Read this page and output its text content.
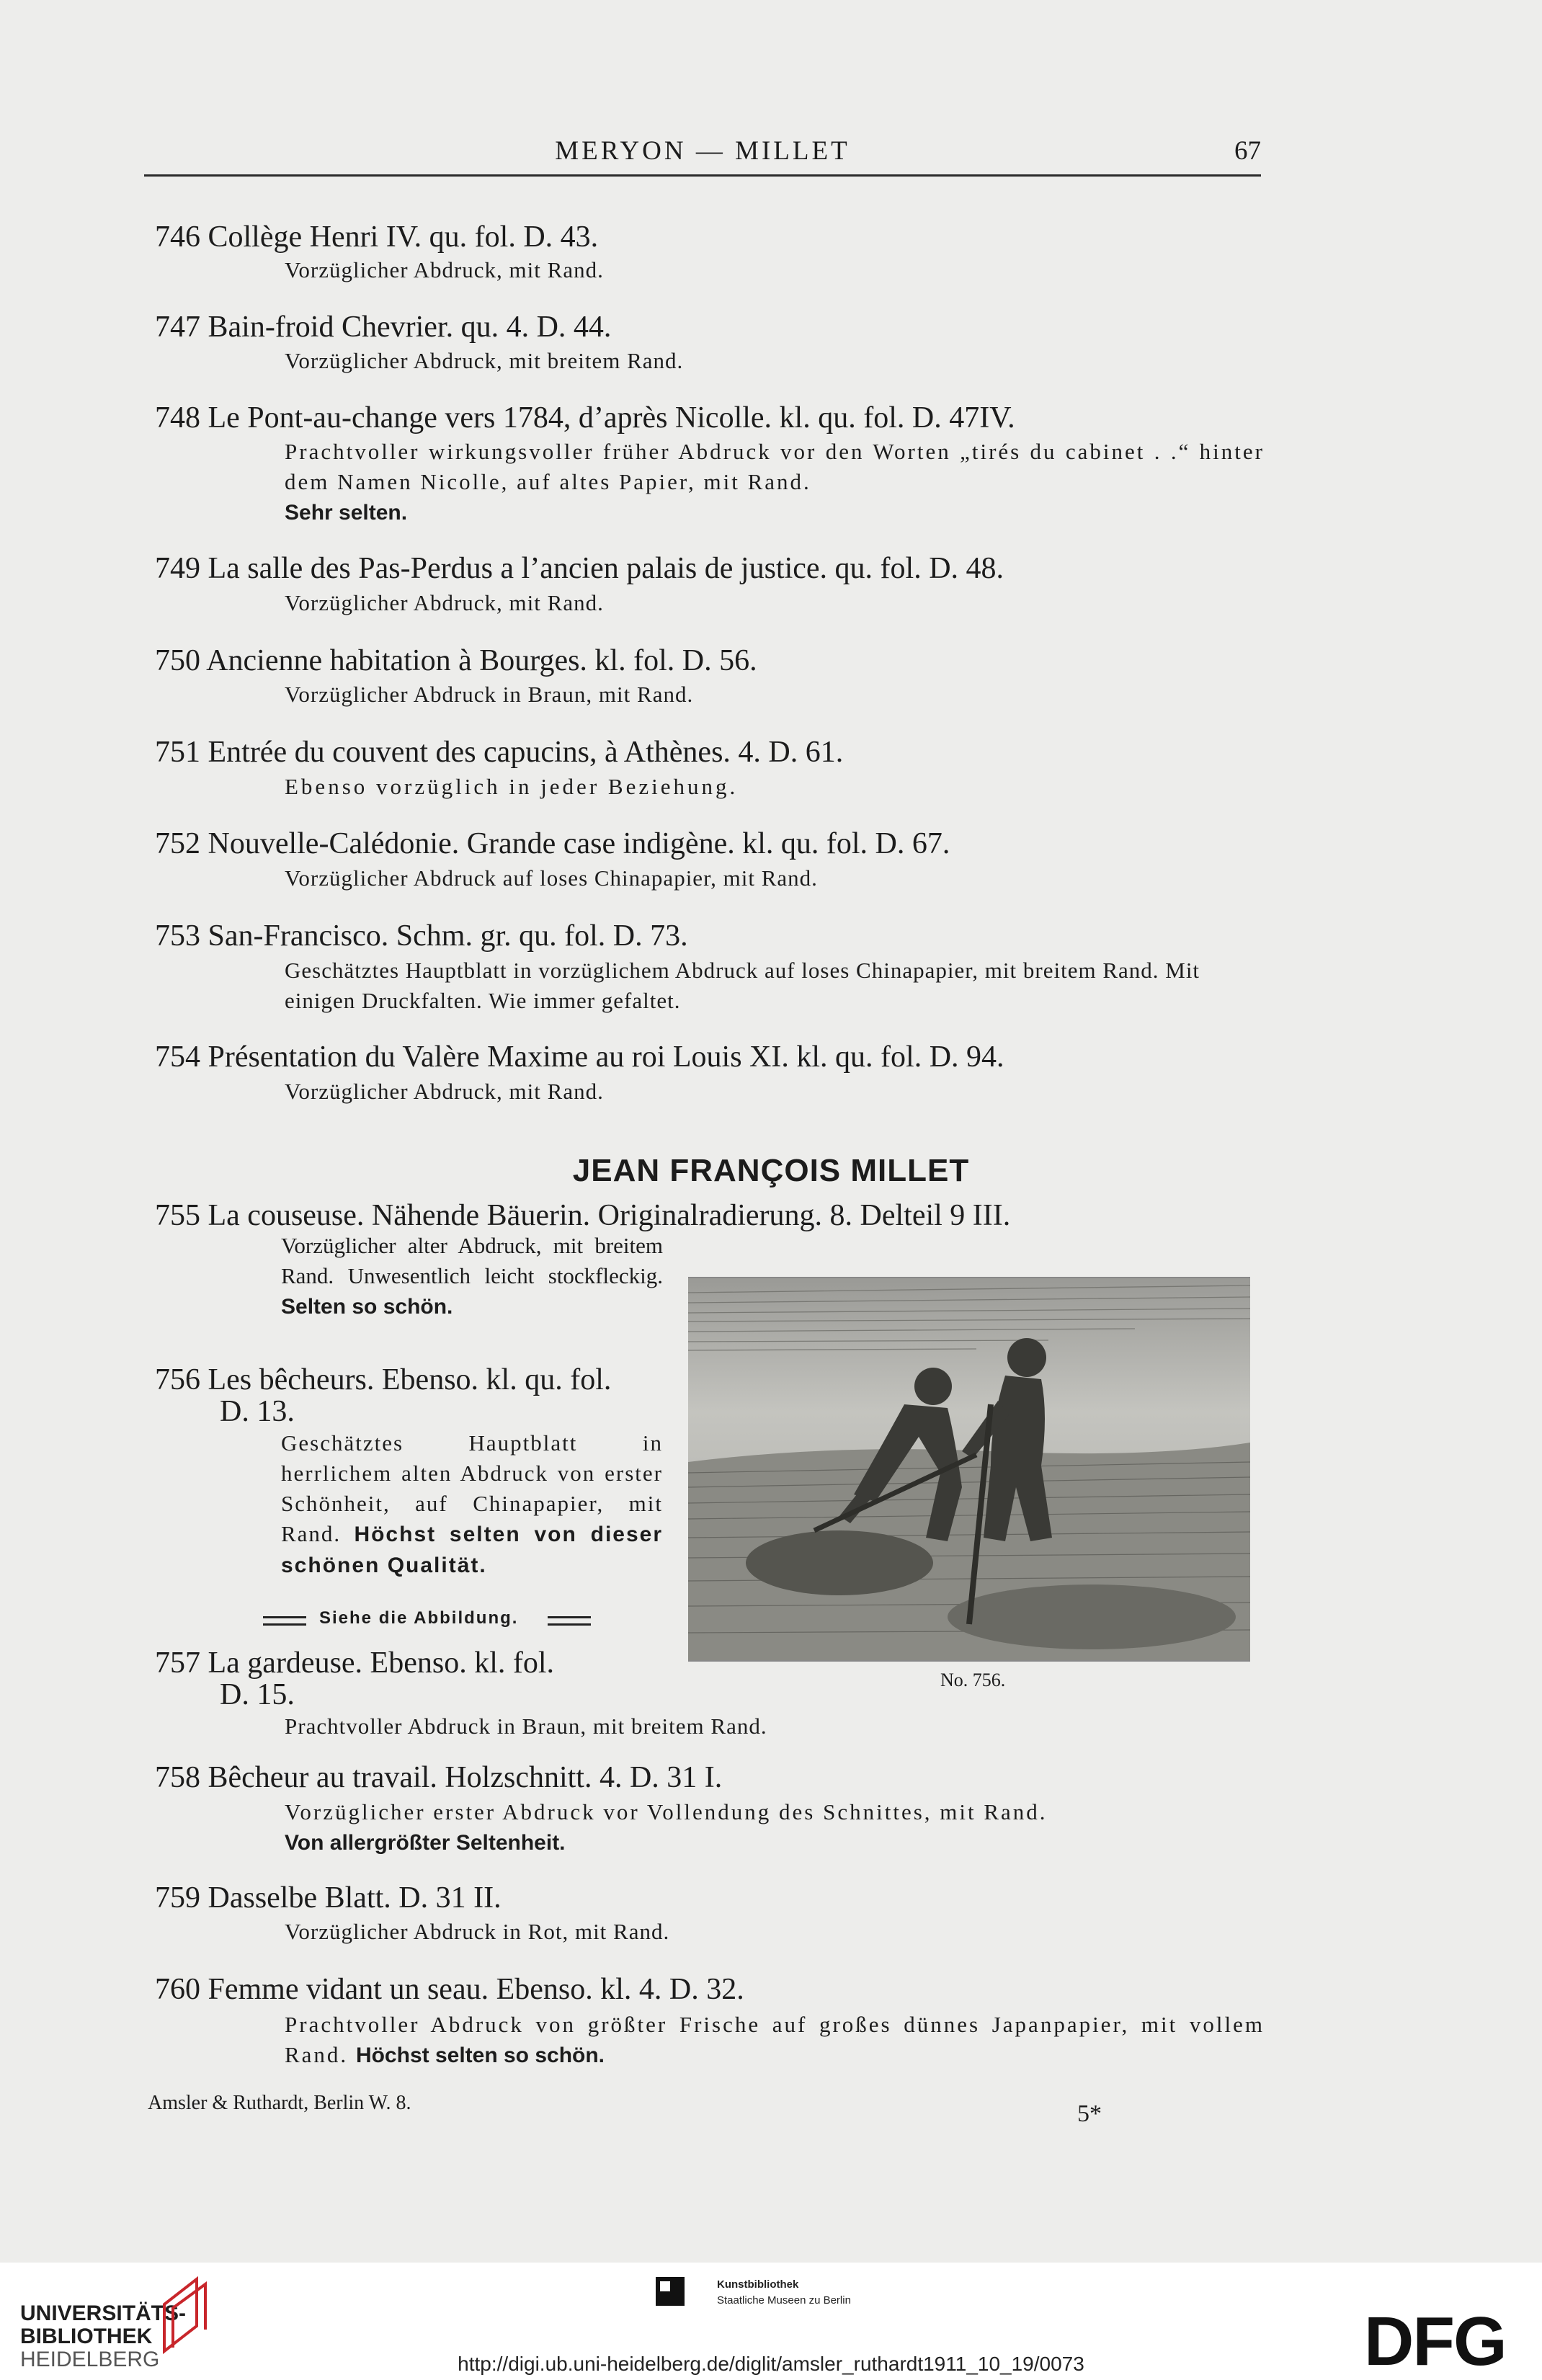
MERYON — MILLET	67
746 Collège Henri IV. qu. fol. D. 43.
Vorzüglicher Abdruck, mit Rand.
747 Bain-froid Chevrier. qu. 4. D. 44.
Vorzüglicher Abdruck, mit breitem Rand.
748 Le Pont-au-change vers 1784, d’après Nicolle. kl. qu. fol. D. 47IV.
Prachtvoller wirkungsvoller früher Abdruck vor den Worten „tirés du cabinet . .“ hinter dem Namen Nicolle, auf altes Papier, mit Rand.
Sehr selten.
749 La salle des Pas-Perdus a l’ancien palais de justice. qu. fol. D. 48.
Vorzüglicher Abdruck, mit Rand.
750 Ancienne habitation à Bourges. kl. fol. D. 56.
Vorzüglicher Abdruck in Braun, mit Rand.
751 Entrée du couvent des capucins, à Athènes. 4. D. 61.
Ebenso vorzüglich in jeder Beziehung.
752 Nouvelle-Calédonie. Grande case indigène. kl. qu. fol. D. 67.
Vorzüglicher Abdruck auf loses Chinapapier, mit Rand.
753 San-Francisco. Schm. gr. qu. fol. D. 73.
Geschätztes Hauptblatt in vorzüglichem Abdruck auf loses Chinapapier, mit breitem Rand. Mit einigen Druckfalten. Wie immer gefaltet.
754 Présentation du Valère Maxime au roi Louis XI. kl. qu. fol. D. 94.
Vorzüglicher Abdruck, mit Rand.
JEAN FRANÇOIS MILLET
755 La couseuse. Nähende Bäuerin. Originalradierung. 8. Delteil 9 III.
Vorzüglicher alter Abdruck, mit breitem Rand. Unwesentlich leicht stockfleckig. Selten so schön.
756 Les bêcheurs. Ebenso. kl. qu. fol.
D. 13.
Geschätztes Hauptblatt in herrlichem alten Abdruck von erster Schönheit, auf Chinapapier, mit Rand. Höchst selten von dieser schönen Qualität.
Siehe die Abbildung.
757 La gardeuse. Ebenso. kl. fol.
D. 15.
Prachtvoller Abdruck in Braun, mit breitem Rand.
No. 756.
758 Bêcheur au travail. Holzschnitt. 4. D. 31 I.
Vorzüglicher erster Abdruck vor Vollendung des Schnittes, mit Rand.
Von allergrößter Seltenheit.
759 Dasselbe Blatt. D. 31 II.
Vorzüglicher Abdruck in Rot, mit Rand.
760 Femme vidant un seau. Ebenso. kl. 4. D. 32.
Prachtvoller Abdruck von größter Frische auf großes dünnes Japanpapier, mit vollem Rand. Höchst selten so schön.
Amsler & Ruthardt, Berlin W. 8.	5*
UNIVERSITÄTS-
BIBLIOTHEK
HEIDELBERG
Kunstbibliothek
Staatliche Museen zu Berlin
DFG
http://digi.ub.uni-heidelberg.de/diglit/amsler_ruthardt1911_10_19/0073
